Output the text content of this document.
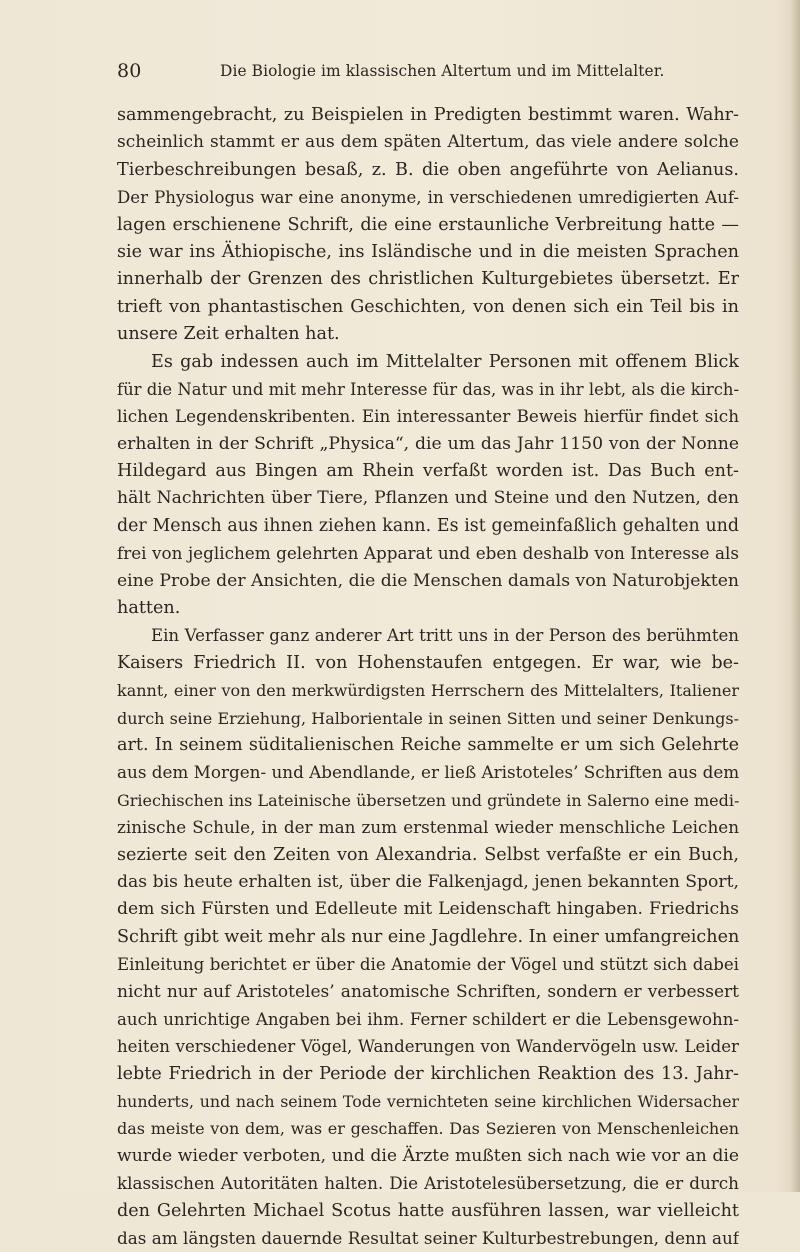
80	Die Biologie im klassischen Altertum und im Mittelalter.
sammengebracht, zu Beispielen in Predigten bestimmt waren. Wahr-
scheinlich stammt er aus dem späten Altertum, das viele andere solche
Tierbeschreibungen besaß, z. B. die oben angeführte von Aelianus.
Der Physiologus war eine anonyme, in verschiedenen umredigierten Auf-
lagen erschienene Schrift, die eine erstaunliche Verbreitung hatte —
sie war ins Äthiopische, ins Isländische und in die meisten Sprachen
innerhalb der Grenzen des christlichen Kulturgebietes übersetzt. Er
trieft von phantastischen Geschichten, von denen sich ein Teil bis in
unsere Zeit erhalten hat.
Es gab indessen auch im Mittelalter Personen mit offenem Blick
für die Natur und mit mehr Interesse für das, was in ihr lebt, als die kirch-
lichen Legendenskribenten. Ein interessanter Beweis hierfür findet sich
erhalten in der Schrift „Physica“, die um das Jahr 1150 von der Nonne
Hildegard aus Bingen am Rhein verfaßt worden ist. Das Buch ent-
hält Nachrichten über Tiere, Pflanzen und Steine und den Nutzen, den
der Mensch aus ihnen ziehen kann. Es ist gemeinfaßlich gehalten und
frei von jeglichem gelehrten Apparat und eben deshalb von Interesse als
eine Probe der Ansichten, die die Menschen damals von Naturobjekten
hatten.
Ein Verfasser ganz anderer Art tritt uns in der Person des berühmten
Kaisers Friedrich II. von Hohenstaufen entgegen. Er war, wie be-
kannt, einer von den merkwürdigsten Herrschern des Mittelalters, Italiener
durch seine Erziehung, Halborientale in seinen Sitten und seiner Denkungs-
art. In seinem süditalienischen Reiche sammelte er um sich Gelehrte
aus dem Morgen- und Abendlande, er ließ Aristoteles’ Schriften aus dem
Griechischen ins Lateinische übersetzen und gründete in Salerno eine medi-
zinische Schule, in der man zum erstenmal wieder menschliche Leichen
sezierte seit den Zeiten von Alexandria. Selbst verfaßte er ein Buch,
das bis heute erhalten ist, über die Falkenjagd, jenen bekannten Sport,
dem sich Fürsten und Edelleute mit Leidenschaft hingaben. Friedrichs
Schrift gibt weit mehr als nur eine Jagdlehre. In einer umfangreichen
Einleitung berichtet er über die Anatomie der Vögel und stützt sich dabei
nicht nur auf Aristoteles’ anatomische Schriften, sondern er verbessert
auch unrichtige Angaben bei ihm. Ferner schildert er die Lebensgewohn-
heiten verschiedener Vögel, Wanderungen von Wandervögeln usw. Leider
lebte Friedrich in der Periode der kirchlichen Reaktion des 13. Jahr-
hunderts, und nach seinem Tode vernichteten seine kirchlichen Widersacher
das meiste von dem, was er geschaffen. Das Sezieren von Menschenleichen
wurde wieder verboten, und die Ärzte mußten sich nach wie vor an die
klassischen Autoritäten halten. Die Aristotelesübersetzung, die er durch
den Gelehrten Michael Scotus hatte ausführen lassen, war vielleicht
das am längsten dauernde Resultat seiner Kulturbestrebungen, denn auf
